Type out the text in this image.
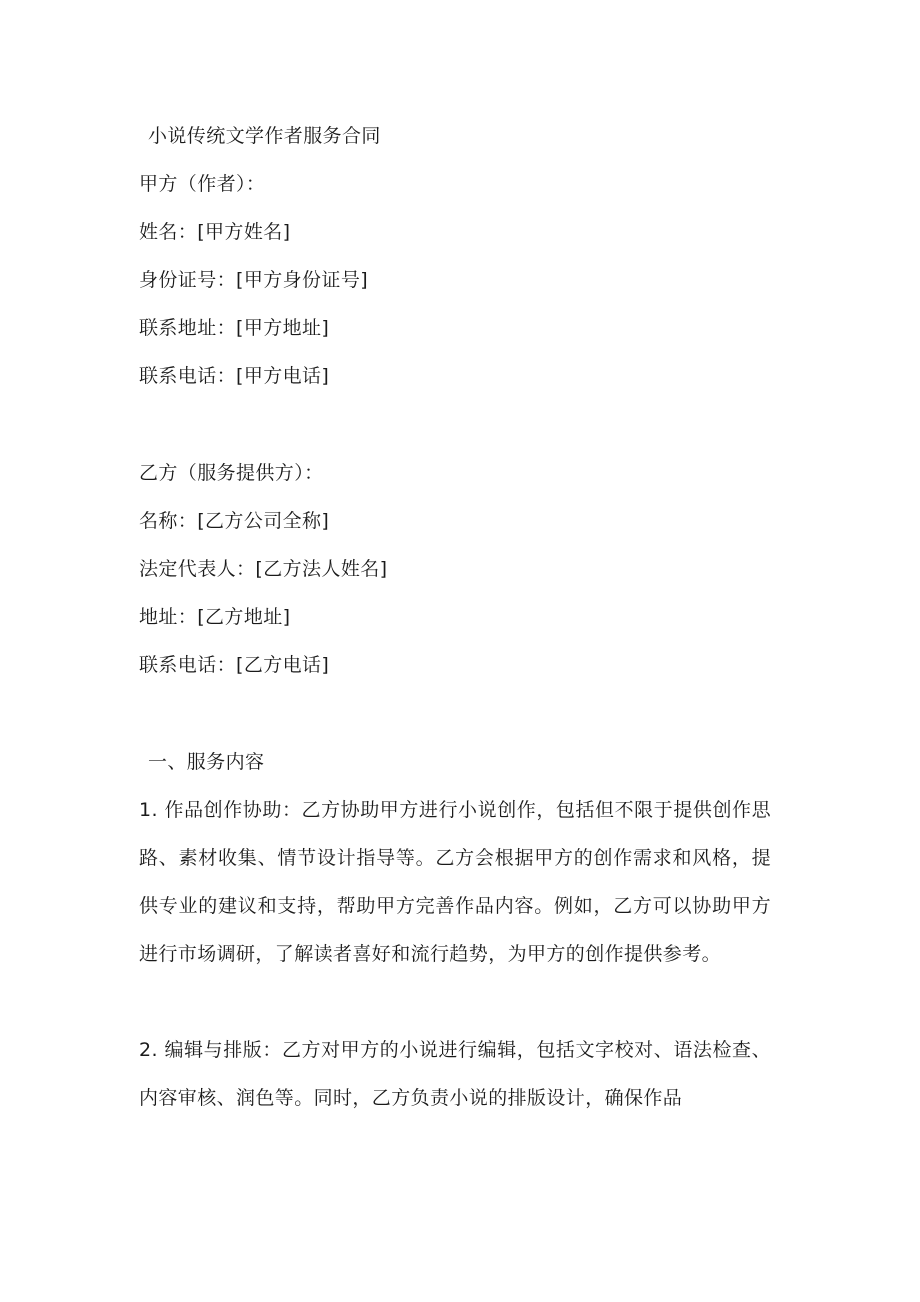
小说传统文学作者服务合同
甲方（作者）：
姓名：[甲方姓名]
身份证号：[甲方身份证号]
联系地址：[甲方地址]
联系电话：[甲方电话]
乙方（服务提供方）：
名称：[乙方公司全称]
法定代表人：[乙方法人姓名]
地址：[乙方地址]
联系电话：[乙方电话]
一、服务内容
1. 作品创作协助：乙方协助甲方进行小说创作，包括但不限于提供创作思路、素材收集、情节设计指导等。乙方会根据甲方的创作需求和风格，提供专业的建议和支持，帮助甲方完善作品内容。例如，乙方可以协助甲方进行市场调研，了解读者喜好和流行趋势，为甲方的创作提供参考。
2. 编辑与排版：乙方对甲方的小说进行编辑，包括文字校对、语法检查、内容审核、润色等。同时，乙方负责小说的排版设计，确保作品
